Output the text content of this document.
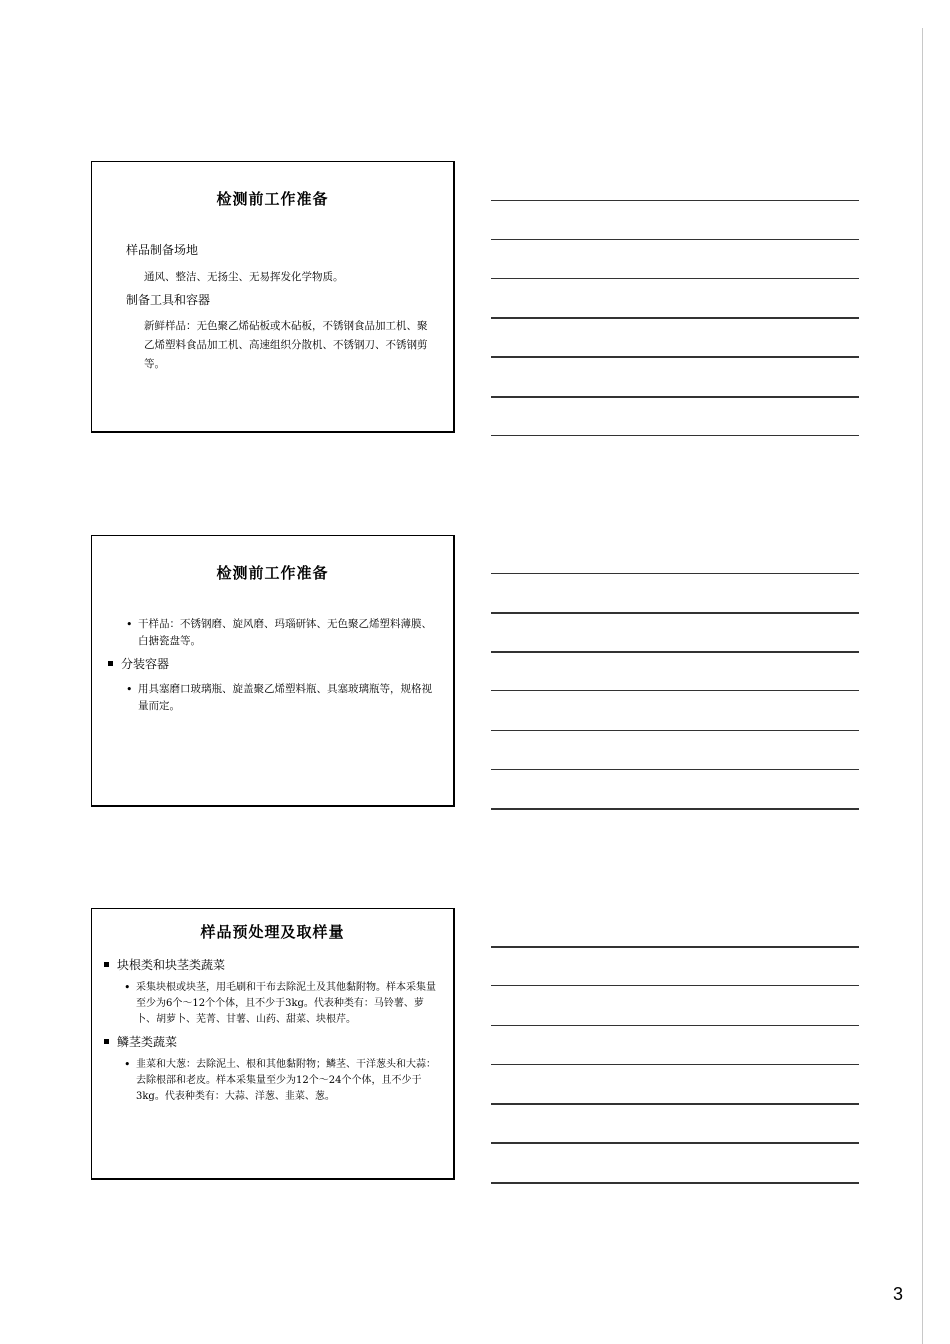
检测前工作准备
样品制备场地
通风、整洁、无扬尘、无易挥发化学物质。
制备工具和容器
新鲜样品：无色聚乙烯砧板或木砧板，不锈钢食品加工机、聚乙烯塑料食品加工机、高速组织分散机、不锈钢刀、不锈钢剪等。
检测前工作准备
• 干样品：不锈钢磨、旋风磨、玛瑙研钵、无色聚乙烯塑料薄膜、白搪瓷盘等。
分装容器
• 用具塞磨口玻璃瓶、旋盖聚乙烯塑料瓶、具塞玻璃瓶等，规格视量而定。
样品预处理及取样量
块根类和块茎类蔬菜
• 采集块根或块茎，用毛刷和干布去除泥土及其他黏附物。样本采集量至少为6个～12个个体，且不少于3kg。代表种类有：马铃薯、萝卜、胡萝卜、芜菁、甘薯、山药、甜菜、块根芹。
鳞茎类蔬菜
• 韭菜和大葱：去除泥土、根和其他黏附物；鳞茎、干洋葱头和大蒜：去除根部和老皮。样本采集量至少为12个～24个个体，且不少于3kg。代表种类有：大蒜、洋葱、韭菜、葱。
3
